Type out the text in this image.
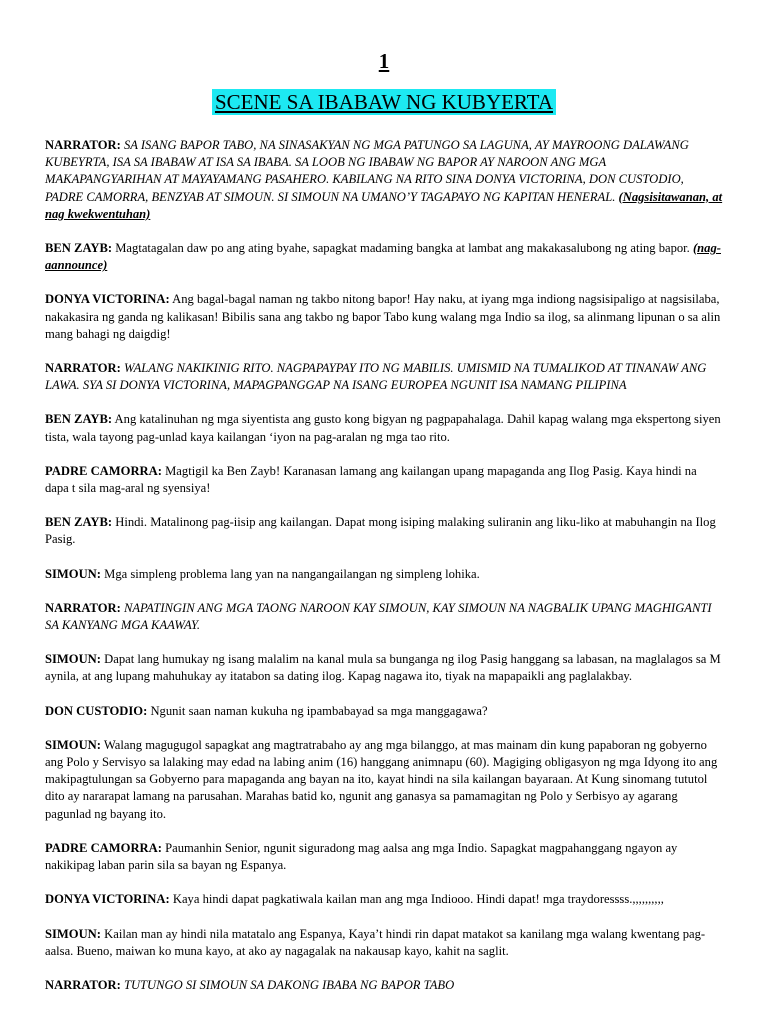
1
SCENE SA IBABAW NG KUBYERTA

NARRATOR: SA ISANG BAPOR TABO, NA SINASAKYAN NG MGA PATUNGO SA LAGUNA, AY MAYROONG DALAWANG KUBEYRTA, ISA SA IBABAW AT ISA SA IBABA. SA LOOB NG IBABAW NG BAPOR AY NAROON ANG MGA MAKAPANGYARIHAN AT MAYAYAMANG PASAHERO. KABILANG NA RITO SINA DONYA VICTORINA, DON CUSTODIO, PADRE CAMORRA, BENZYAB AT SIMOUN. SI SIMOUN NA UMANO’Y TAGAPAYO NG KAPITAN HENERAL. (Nagsisitawanan, at nag kwekwentuhan)

BEN ZAYB: Magtatagalan daw po ang ating byahe, sapagkat madaming bangka at lambat ang makakasalubong ng ating bapor. (nag-aannounce)

DONYA VICTORINA: Ang bagal-bagal naman ng takbo nitong bapor! Hay naku, at iyang mga indiong nagsisipaligo at nagsisilaba, nakakasira ng ganda ng kalikasan! Bibilis sana ang takbo ng bapor Tabo kung walang mga Indio sa ilog, sa alinmang lipunan o sa alin mang bahagi ng daigdig!

NARRATOR: WALANG NAKIKINIG RITO. NAGPAPAYPAY ITO NG MABILIS. UMISMID NA TUMALIKOD AT TINANAW ANG LAWA. SYA SI DONYA VICTORINA, MAPAGPANGGAP NA ISANG EUROPEA NGUNIT ISA NAMANG PILIPINA

BEN ZAYB: Ang katalinuhan ng mga siyentista ang gusto kong bigyan ng pagpapahalaga. Dahil kapag walang mga ekspertong siyen tista, wala tayong pag-unlad kaya kailangan ‘iyon na pag-aralan ng mga tao rito.

PADRE CAMORRA: Magtigil ka Ben Zayb! Karanasan lamang ang kailangan upang mapaganda ang Ilog Pasig. Kaya hindi na dapa t sila mag-aral ng syensiya!

BEN ZAYB: Hindi. Matalinong pag-iisip ang kailangan. Dapat mong isiping malaking suliranin ang liku-liko at mabuhangin na Ilog Pasig.

SIMOUN: Mga simpleng problema lang yan na nangangailangan ng simpleng lohika.

NARRATOR: NAPATINGIN ANG MGA TAONG NAROON KAY SIMOUN, KAY SIMOUN NA NAGBALIK UPANG MAGHIGANTI SA KANYANG MGA KAAWAY.

SIMOUN: Dapat lang humukay ng isang malalim na kanal mula sa bunganga ng ilog Pasig hanggang sa labasan, na maglalagos sa M aynila, at ang lupang mahuhukay ay itatabon sa dating ilog. Kapag nagawa ito, tiyak na mapapaikli ang paglalakbay.

DON CUSTODIO: Ngunit saan naman kukuha ng ipambabayad sa mga manggagawa?

SIMOUN: Walang magugugol sapagkat ang magtratrabaho ay ang mga bilanggo, at mas mainam din kung papaboran ng gobyerno ang Polo y Servisyo sa lalaking may edad na labing anim (16) hanggang animnapu (60). Magiging obligasyon ng mga Idyong ito ang makipagtulungan sa Gobyerno para mapaganda ang bayan na ito, kayat hindi na sila kailangan bayaraan. At Kung sinomang tututol dito ay nararapat lamang na parusahan. Marahas batid ko, ngunit ang ganasya sa pamamagitan ng Polo y Serbisyo ay agarang pagunlad ng bayang ito.

PADRE CAMORRA: Paumanhin Senior, ngunit siguradong mag aalsa ang mga Indio. Sapagkat magpahanggang ngayon ay nakikipag laban parin sila sa bayan ng Espanya.

DONYA VICTORINA: Kaya hindi dapat pagkatiwala kailan man ang mga Indiooo. Hindi dapat! mga traydoressss.,,,,,,,,,,

SIMOUN: Kailan man ay hindi nila matatalo ang Espanya, Kaya’t hindi rin dapat matakot sa kanilang mga walang kwentang pag-aalsa. Bueno, maiwan ko muna kayo, at ako ay nagagalak na nakausap kayo, kahit na saglit.

NARRATOR: TUTUNGO SI SIMOUN SA DAKONG IBABA NG BAPOR TABO
